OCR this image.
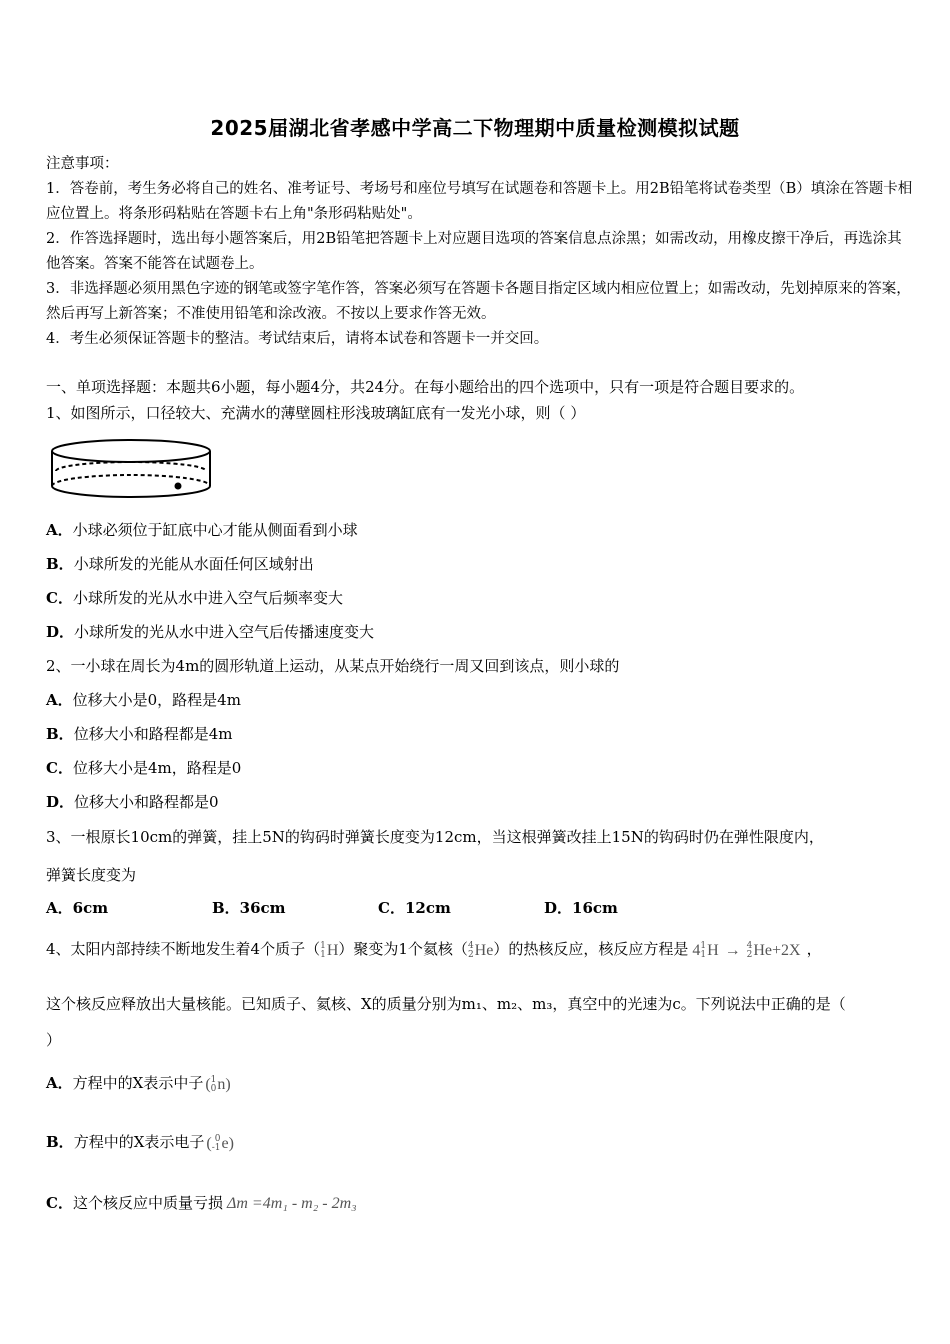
2025届湖北省孝感中学高二下物理期中质量检测模拟试题

注意事项：

1．答卷前，考生务必将自己的姓名、准考证号、考场号和座位号填写在试题卷和答题卡上。用2B铅笔将试卷类型（B）填涂在答题卡相应位置上。将条形码粘贴在答题卡右上角"条形码粘贴处"。

2．作答选择题时，选出每小题答案后，用2B铅笔把答题卡上对应题目选项的答案信息点涂黑；如需改动，用橡皮擦干净后，再选涂其他答案。答案不能答在试题卷上。

3．非选择题必须用黑色字迹的钢笔或签字笔作答，答案必须写在答题卡各题目指定区域内相应位置上；如需改动，先划掉原来的答案，然后再写上新答案；不准使用铅笔和涂改液。不按以上要求作答无效。

4．考生必须保证答题卡的整洁。考试结束后，请将本试卷和答题卡一并交回。

一、单项选择题：本题共6小题，每小题4分，共24分。在每小题给出的四个选项中，只有一项是符合题目要求的。
1、如图所示，口径较大、充满水的薄壁圆柱形浅玻璃缸底有一发光小球，则（ ）
A．小球必须位于缸底中心才能从侧面看到小球
B．小球所发的光能从水面任何区域射出
C．小球所发的光从水中进入空气后频率变大
D．小球所发的光从水中进入空气后传播速度变大
2、一小球在周长为4m的圆形轨道上运动，从某点开始绕行一周又回到该点，则小球的
A．位移大小是0，路程是4m
B．位移大小和路程都是4m
C．位移大小是4m，路程是0
D．位移大小和路程都是0
3、一根原长10cm的弹簧，挂上5N的钩码时弹簧长度变为12cm，当这根弹簧改挂上15N的钩码时仍在弹性限度内，
弹簧长度变为
A．6cm	B．36cm	C．12cm	D．16cm
4、太阳内部持续不断地发生着4个质子（ 1
1 H）聚变为1个氦核（ 4
2 He）的热核反应，核反应方程是 4 1
1 H → 4
2 He+2X ，
这个核反应释放出大量核能。已知质子、氦核、X的质量分别为m₁、m₂、m₃，真空中的光速为c。下列说法中正确的是（
）
A．方程中的X表示中子 ( 1
0 n)
B．方程中的X表示电子 ( 0
-1 e)
C．这个核反应中质量亏损 Δm =4m₁ - m₂ - 2m₃
